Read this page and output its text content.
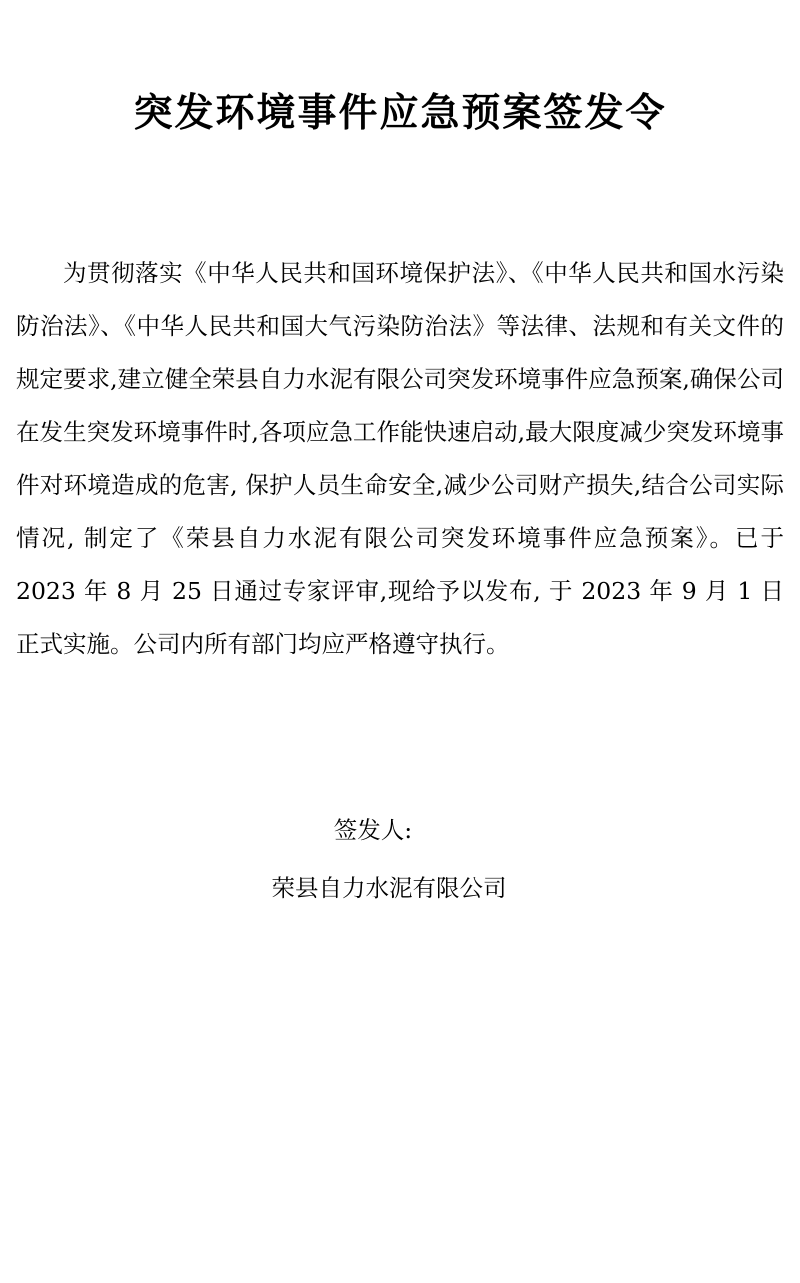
突发环境事件应急预案签发令

为贯彻落实《中华人民共和国环境保护法》、《中华人民共和国水污染防治法》、《中华人民共和国大气污染防治法》等法律、法规和有关文件的规定要求,建立健全荣县自力水泥有限公司突发环境事件应急预案,确保公司在发生突发环境事件时,各项应急工作能快速启动,最大限度减少突发环境事件对环境造成的危害, 保护人员生命安全,减少公司财产损失,结合公司实际情况, 制定了《荣县自力水泥有限公司突发环境事件应急预案》。已于 2023 年 8 月 25 日通过专家评审,现给予以发布, 于 2023 年 9 月 1 日正式实施。公司内所有部门均应严格遵守执行。

签发人:

荣县自力水泥有限公司
